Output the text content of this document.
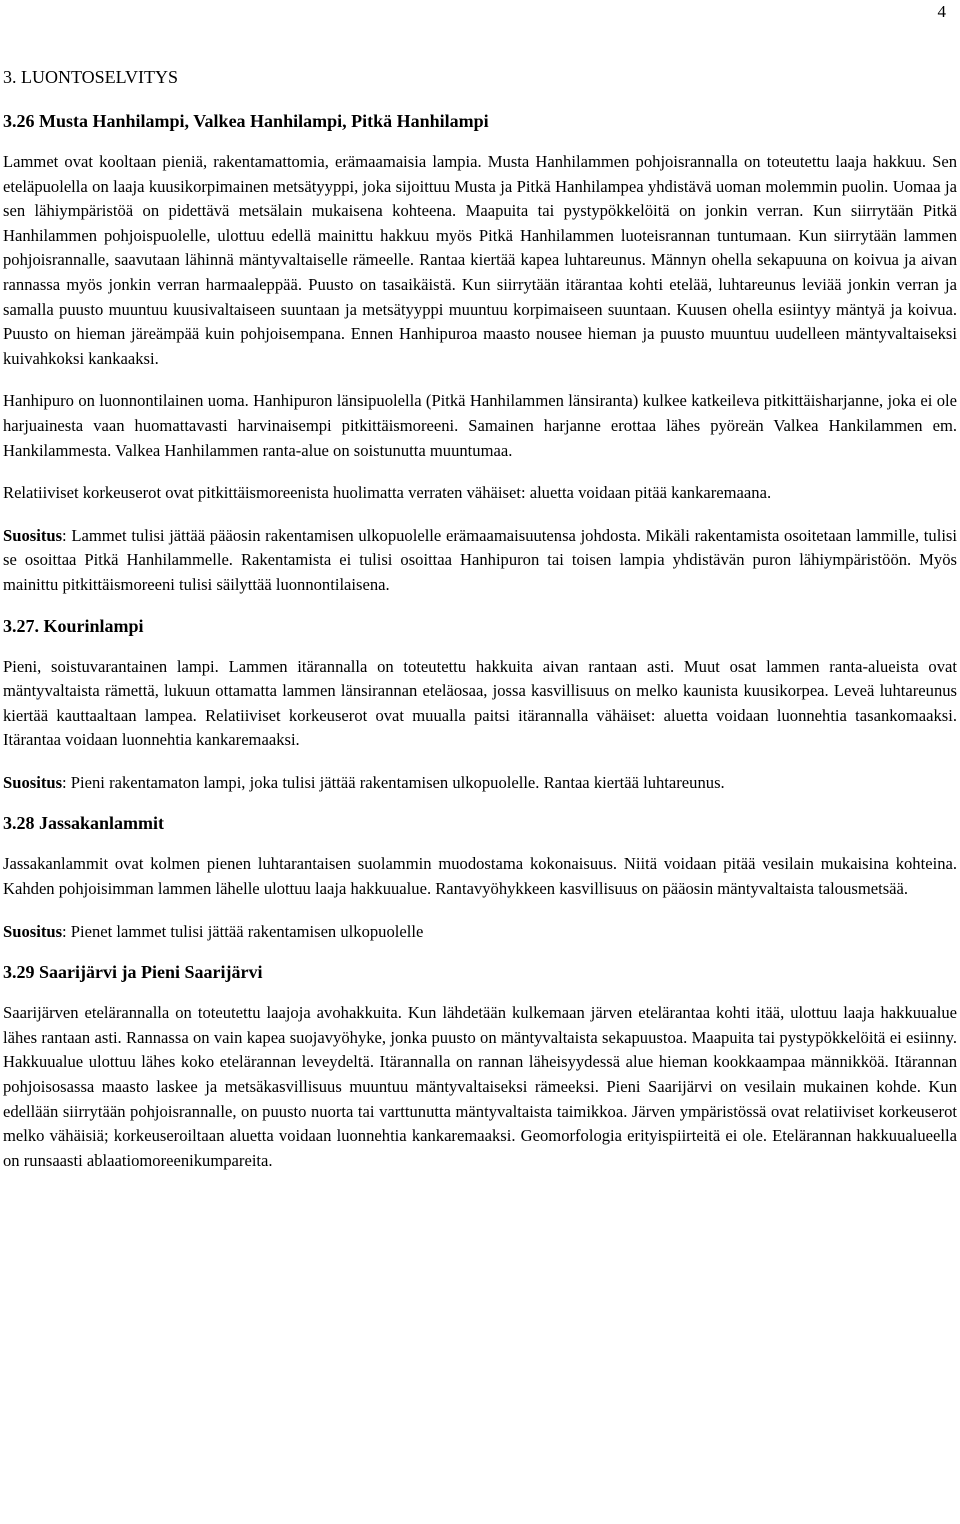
4
3. LUONTOSELVITYS
3.26 Musta Hanhilampi, Valkea Hanhilampi, Pitkä Hanhilampi

Lammet ovat kooltaan pieniä, rakentamattomia, erämaamaisia lampia. Musta Hanhilammen pohjoisrannalla on toteutettu laaja hakkuu. Sen eteläpuolella on laaja kuusikorpimainen metsätyyppi, joka sijoittuu Musta ja Pitkä Hanhilampea yhdistävä uoman molemmin puolin. Uomaa ja sen lähiympäristöä on pidettävä metsälain mukaisena kohteena. Maapuita tai pystypökkelöitä on jonkin verran. Kun siirrytään Pitkä Hanhilammen pohjoispuolelle, ulottuu edellä mainittu hakkuu myös Pitkä Hanhilammen luoteisrannan tuntumaan. Kun siirrytään lammen pohjoisrannalle, saavutaan lähinnä mäntyvaltaiselle rämeelle. Rantaa kiertää kapea luhtareunus. Männyn ohella sekapuuna on koivua ja aivan rannassa myös jonkin verran harmaaleppää. Puusto on tasaikäistä. Kun siirrytään itärantaa kohti etelää, luhtareunus leviää jonkin verran ja samalla puusto muuntuu kuusivaltaiseen suuntaan ja metsätyyppi muuntuu korpimaiseen suuntaan. Kuusen ohella esiintyy mäntyä ja koivua. Puusto on hieman järeämpää kuin pohjoisempana. Ennen Hanhipuroa maasto nousee hieman ja puusto muuntuu uudelleen mäntyvaltaiseksi kuivahkoksi kankaaksi.

Hanhipuro on luonnontilainen uoma. Hanhipuron länsipuolella (Pitkä Hanhilammen länsiranta) kulkee katkeileva pitkittäisharjanne, joka ei ole harjuainesta vaan huomattavasti harvinaisempi pitkittäismoreeni. Samainen harjanne erottaa lähes pyöreän Valkea Hankilammen em. Hankilammesta. Valkea Hanhilammen ranta-alue on soistunutta muuntumaa.

Relatiiviset korkeuserot ovat pitkittäismoreenista huolimatta verraten vähäiset: aluetta voidaan pitää kankaremaana.

Suositus: Lammet tulisi jättää pääosin rakentamisen ulkopuolelle erämaamaisuutensa johdosta. Mikäli rakentamista osoitetaan lammille, tulisi se osoittaa Pitkä Hanhilammelle. Rakentamista ei tulisi osoittaa Hanhipuron tai toisen lampia yhdistävän puron lähiympäristöön. Myös mainittu pitkittäismoreeni tulisi säilyttää luonnontilaisena.

3.27. Kourinlampi

Pieni, soistuvarantainen lampi. Lammen itärannalla on toteutettu hakkuita aivan rantaan asti. Muut osat lammen ranta-alueista ovat mäntyvaltaista rämettä, lukuun ottamatta lammen länsirannan eteläosaa, jossa kasvillisuus on melko kaunista kuusikorpea. Leveä luhtareunus kiertää kauttaaltaan lampea. Relatiiviset korkeuserot ovat muualla paitsi itärannalla vähäiset: aluetta voidaan luonnehtia tasankomaaksi. Itärantaa voidaan luonnehtia kankaremaaksi.

Suositus: Pieni rakentamaton lampi, joka tulisi jättää rakentamisen ulkopuolelle. Rantaa kiertää luhtareunus.

3.28 Jassakanlammit

Jassakanlammit ovat kolmen pienen luhtarantaisen suolammin muodostama kokonaisuus. Niitä voidaan pitää vesilain mukaisina kohteina. Kahden pohjoisimman lammen lähelle ulottuu laaja hakkuualue. Rantavyöhykkeen kasvillisuus on pääosin mäntyvaltaista talousmetsää.

Suositus: Pienet lammet tulisi jättää rakentamisen ulkopuolelle

3.29 Saarijärvi ja Pieni Saarijärvi

Saarijärven etelärannalla on toteutettu laajoja avohakkuita. Kun lähdetään kulkemaan järven etelärantaa kohti itää, ulottuu laaja hakkuualue lähes rantaan asti. Rannassa on vain kapea suojavyöhyke, jonka puusto on mäntyvaltaista sekapuustoa. Maapuita tai pystypökkelöitä ei esiinny. Hakkuualue ulottuu lähes koko etelärannan leveydeltä. Itärannalla on rannan läheisyydessä alue hieman kookkaampaa männikköä. Itärannan pohjoisosassa maasto laskee ja metsäkasvillisuus muuntuu mäntyvaltaiseksi rämeeksi. Pieni Saarijärvi on vesilain mukainen kohde. Kun edellään siirrytään pohjoisrannalle, on puusto nuorta tai varttunutta mäntyvaltaista taimikkoa. Järven ympäristössä ovat relatiiviset korkeuserot melko vähäisiä; korkeuseroiltaan aluetta voidaan luonnehtia kankaremaaksi. Geomorfologia erityispiirteitä ei ole. Etelärannan hakkuualueella on runsaasti ablaatiomoreenikumpareita.
